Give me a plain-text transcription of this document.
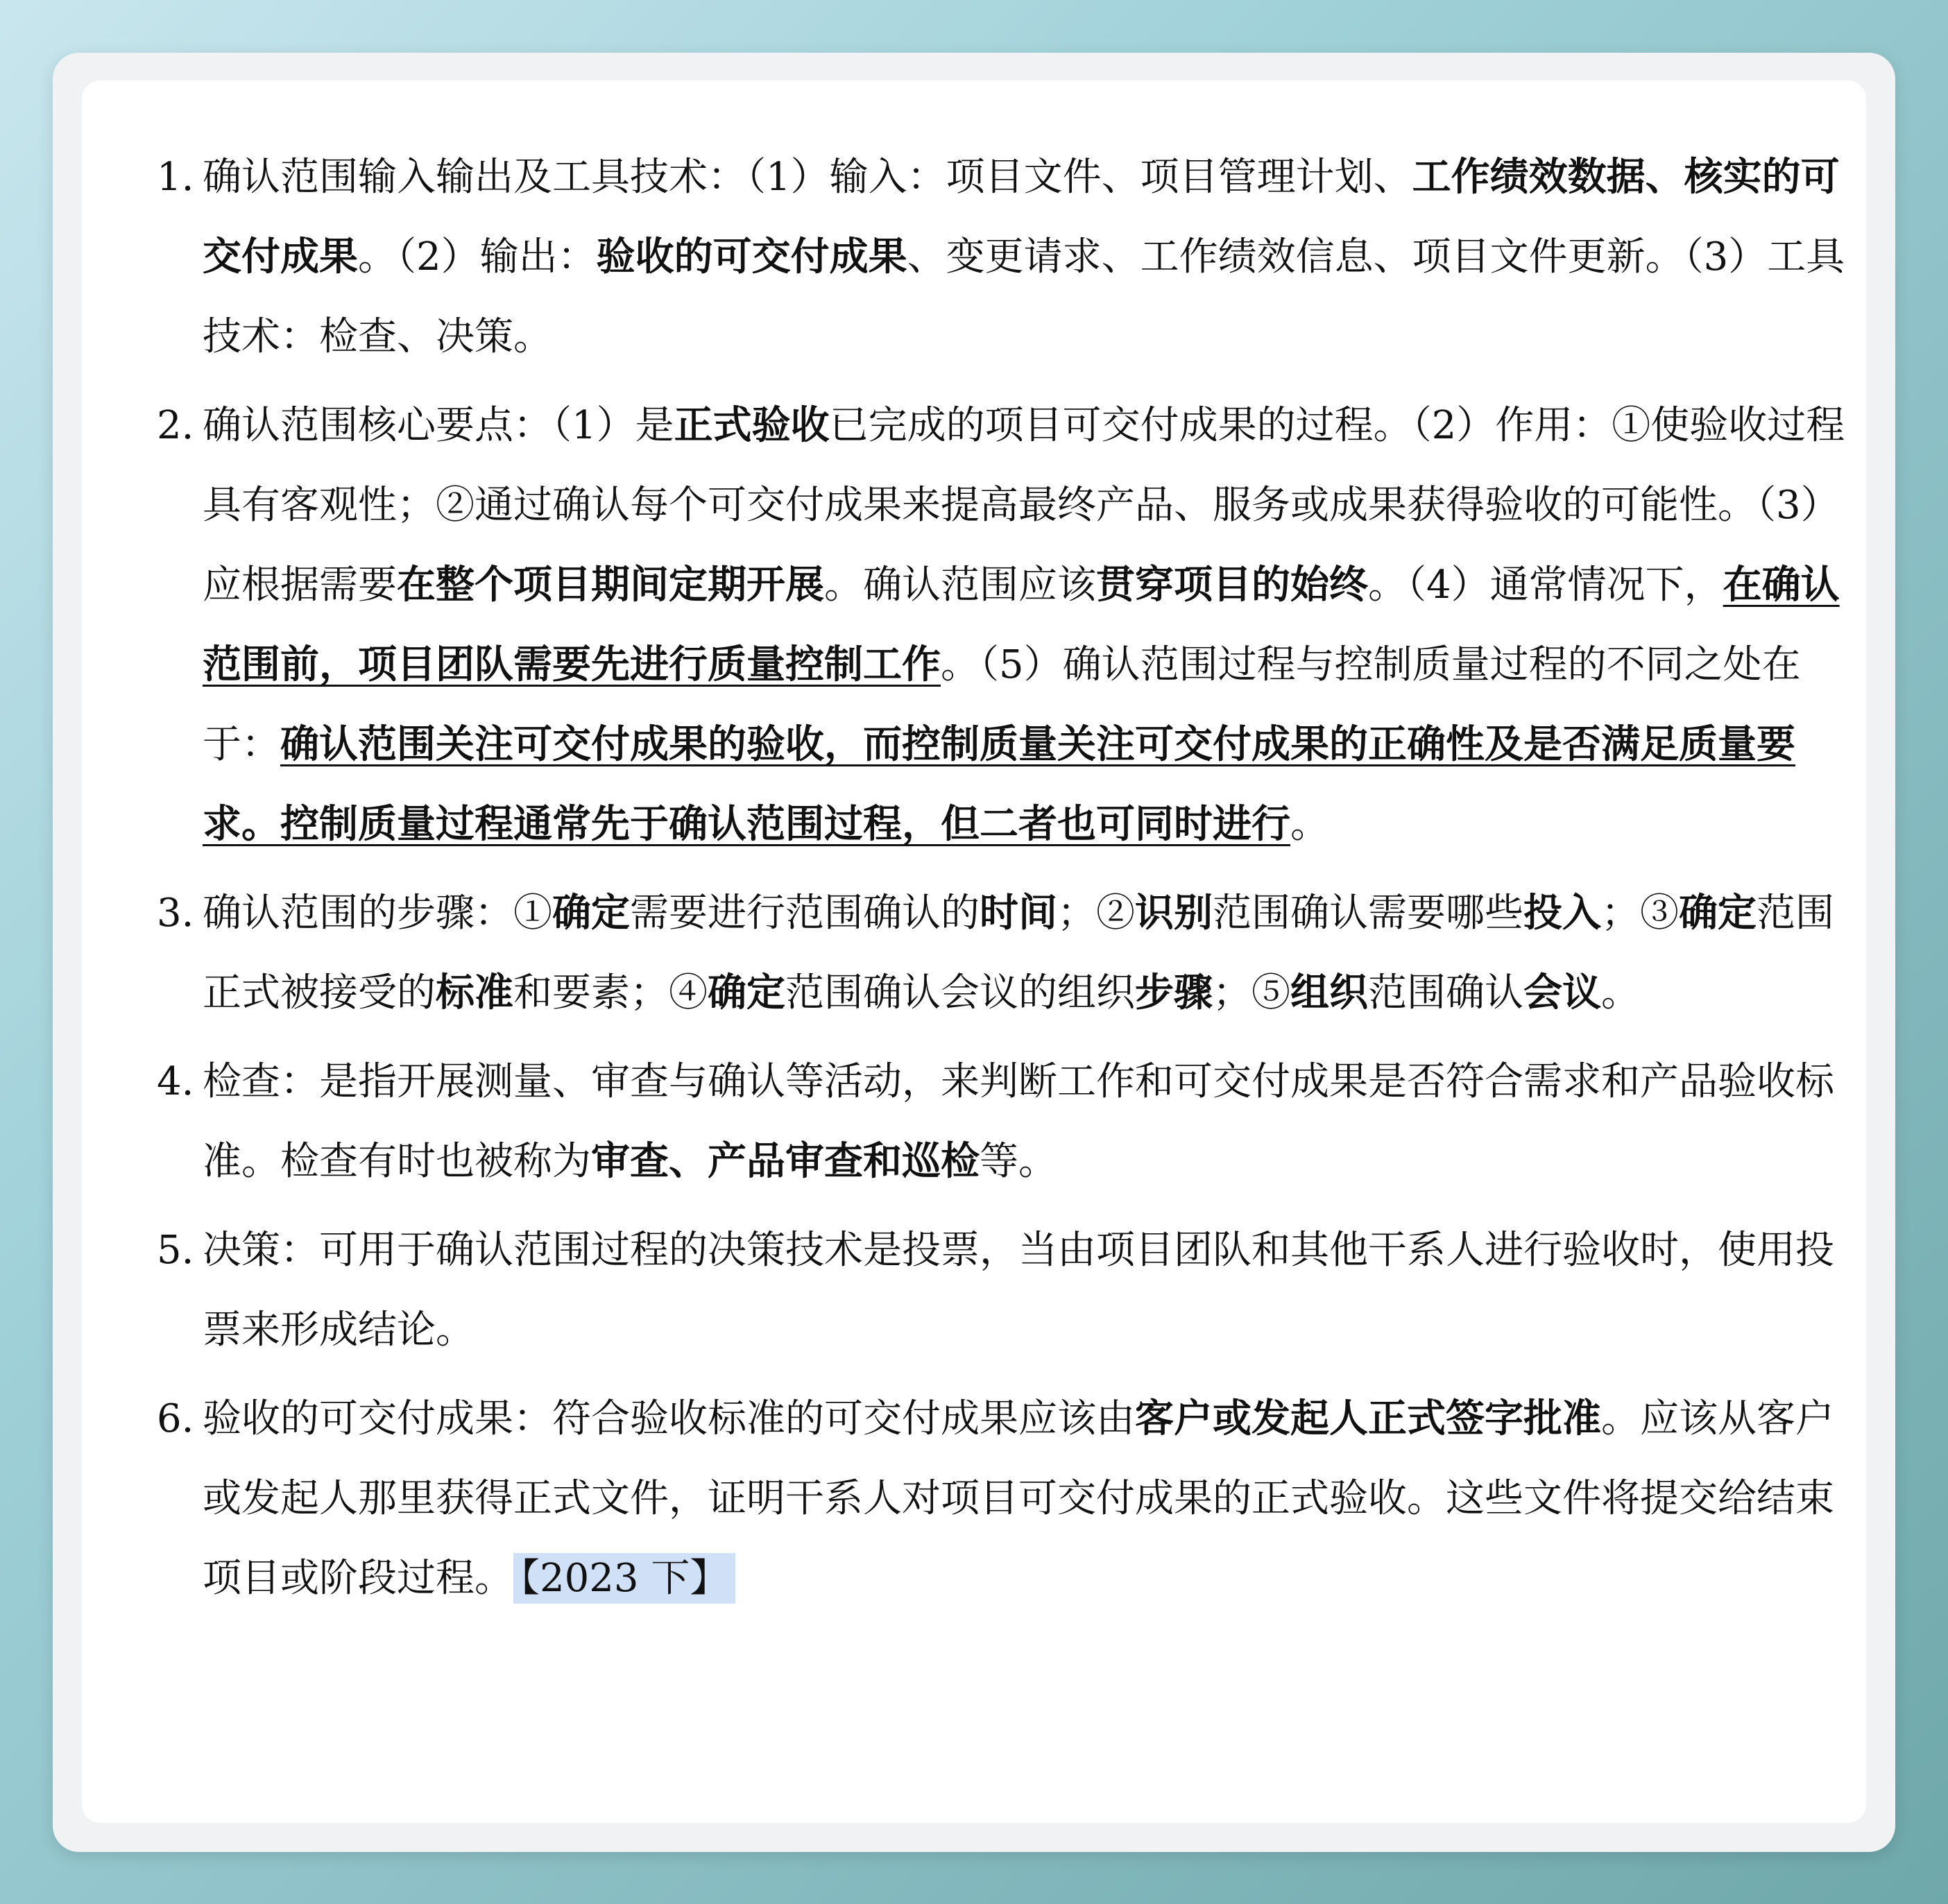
1. 确认范围输入输出及工具技术：（1）输入：项目文件、项目管理计划、工作绩效数据、核实的可交付成果。（2）输出：验收的可交付成果、变更请求、工作绩效信息、项目文件更新。（3）工具技术：检查、决策。
2. 确认范围核心要点：（1）是正式验收已完成的项目可交付成果的过程。（2）作用：①使验收过程具有客观性；②通过确认每个可交付成果来提高最终产品、服务或成果获得验收的可能性。（3）应根据需要在整个项目期间定期开展。确认范围应该贯穿项目的始终。（4）通常情况下，在确认范围前，项目团队需要先进行质量控制工作。（5）确认范围过程与控制质量过程的不同之处在于：确认范围关注可交付成果的验收，而控制质量关注可交付成果的正确性及是否满足质量要求。控制质量过程通常先于确认范围过程，但二者也可同时进行。
3. 确认范围的步骤：①确定需要进行范围确认的时间；②识别范围确认需要哪些投入；③确定范围正式被接受的标准和要素；④确定范围确认会议的组织步骤；⑤组织范围确认会议。
4. 检查：是指开展测量、审查与确认等活动，来判断工作和可交付成果是否符合需求和产品验收标准。检查有时也被称为审查、产品审查和巡检等。
5. 决策：可用于确认范围过程的决策技术是投票，当由项目团队和其他干系人进行验收时，使用投票来形成结论。
6. 验收的可交付成果：符合验收标准的可交付成果应该由客户或发起人正式签字批准。应该从客户或发起人那里获得正式文件，证明干系人对项目可交付成果的正式验收。这些文件将提交给结束项目或阶段过程。 【2023 下】
